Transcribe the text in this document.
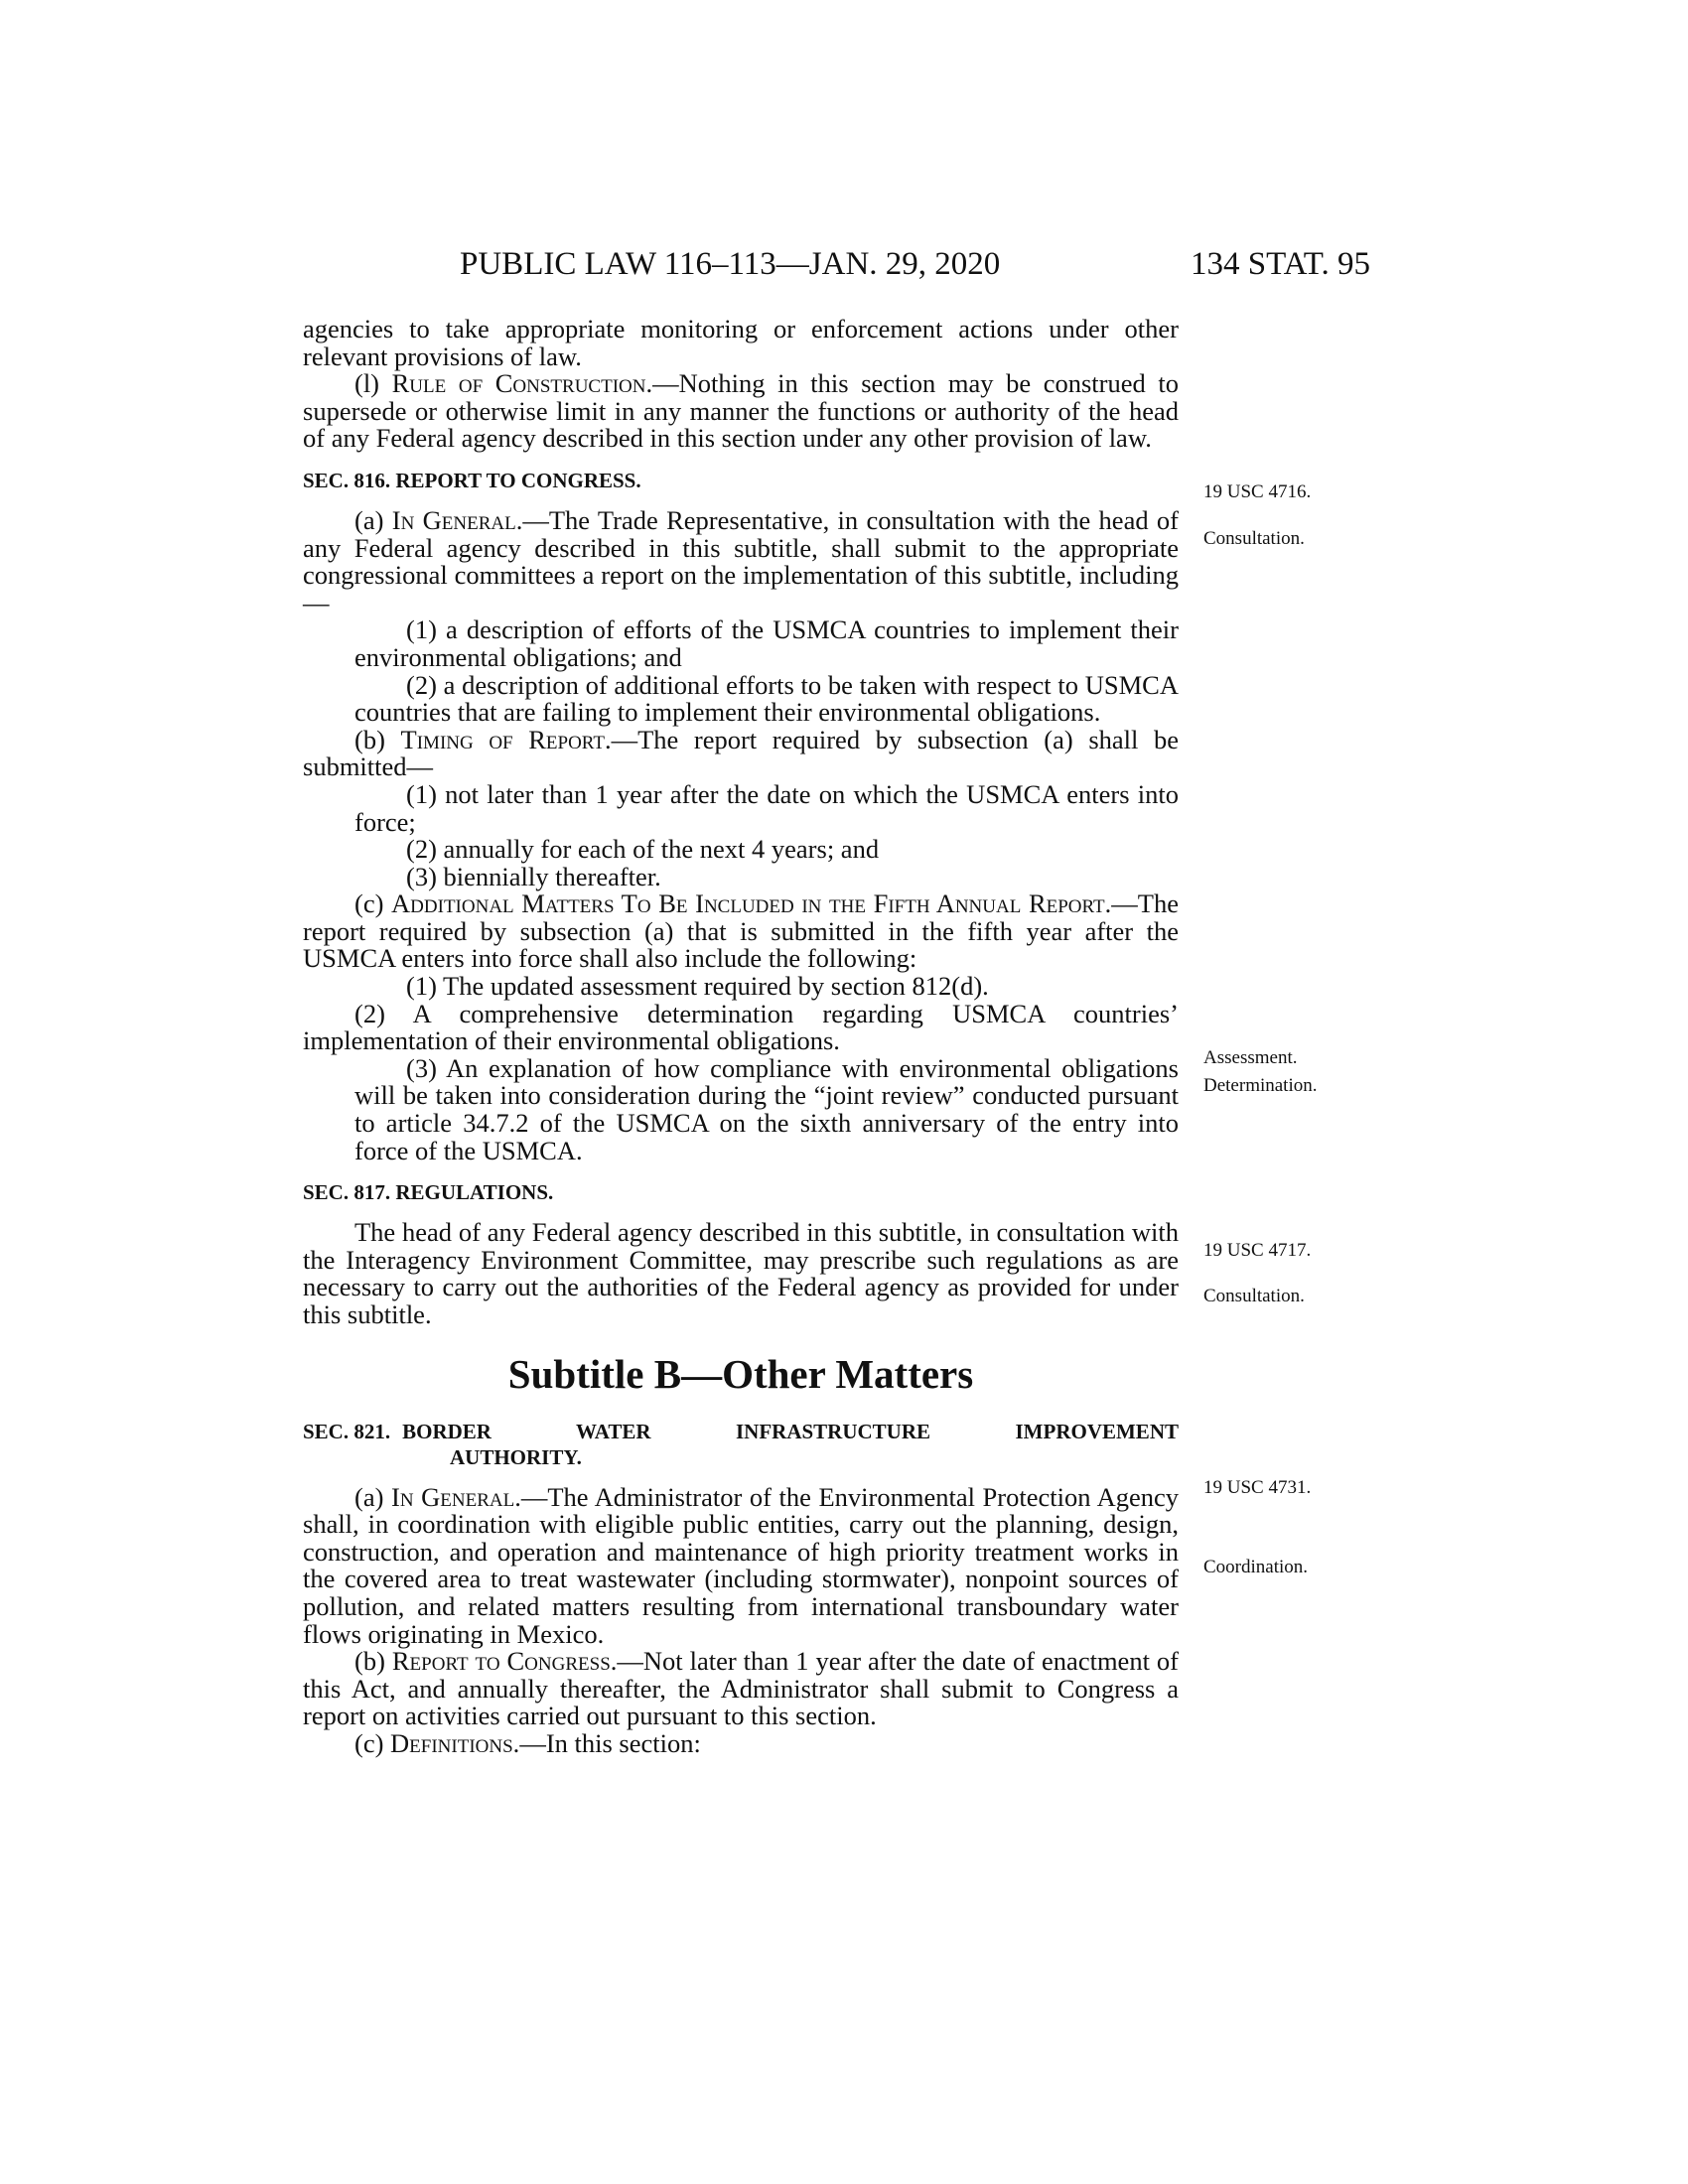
PUBLIC LAW 116–113—JAN. 29, 2020	134 STAT. 95

agencies to take appropriate monitoring or enforcement actions under other relevant provisions of law.

(l) Rule of Construction.—Nothing in this section may be construed to supersede or otherwise limit in any manner the functions or authority of the head of any Federal agency described in this section under any other provision of law.

SEC. 816. REPORT TO CONGRESS.

(a) In General.—The Trade Representative, in consultation with the head of any Federal agency described in this subtitle, shall submit to the appropriate congressional committees a report on the implementation of this subtitle, including—

(1) a description of efforts of the USMCA countries to implement their environmental obligations; and

(2) a description of additional efforts to be taken with respect to USMCA countries that are failing to implement their environmental obligations.

(b) Timing of Report.—The report required by subsection (a) shall be submitted—

(1) not later than 1 year after the date on which the USMCA enters into force;

(2) annually for each of the next 4 years; and

(3) biennially thereafter.

(c) Additional Matters To Be Included in the Fifth Annual Report.—The report required by subsection (a) that is submitted in the fifth year after the USMCA enters into force shall also include the following:

(1) The updated assessment required by section 812(d).

(2) A comprehensive determination regarding USMCA countries’ implementation of their environmental obligations.

(3) An explanation of how compliance with environmental obligations will be taken into consideration during the “joint review” conducted pursuant to article 34.7.2 of the USMCA on the sixth anniversary of the entry into force of the USMCA.

SEC. 817. REGULATIONS.

The head of any Federal agency described in this subtitle, in consultation with the Interagency Environment Committee, may prescribe such regulations as are necessary to carry out the authorities of the Federal agency as provided for under this subtitle.

Subtitle B—Other Matters
SEC. 821. BORDER WATER INFRASTRUCTURE IMPROVEMENT
AUTHORITY.

(a) In General.—The Administrator of the Environmental Protection Agency shall, in coordination with eligible public entities, carry out the planning, design, construction, and operation and maintenance of high priority treatment works in the covered area to treat wastewater (including stormwater), nonpoint sources of pollution, and related matters resulting from international transboundary water flows originating in Mexico.

(b) Report to Congress.—Not later than 1 year after the date of enactment of this Act, and annually thereafter, the Administrator shall submit to Congress a report on activities carried out pursuant to this section.

(c) Definitions.—In this section:

19 USC 4716.
Consultation.
Assessment.
Determination.
19 USC 4717.
Consultation.
19 USC 4731.
Coordination.
